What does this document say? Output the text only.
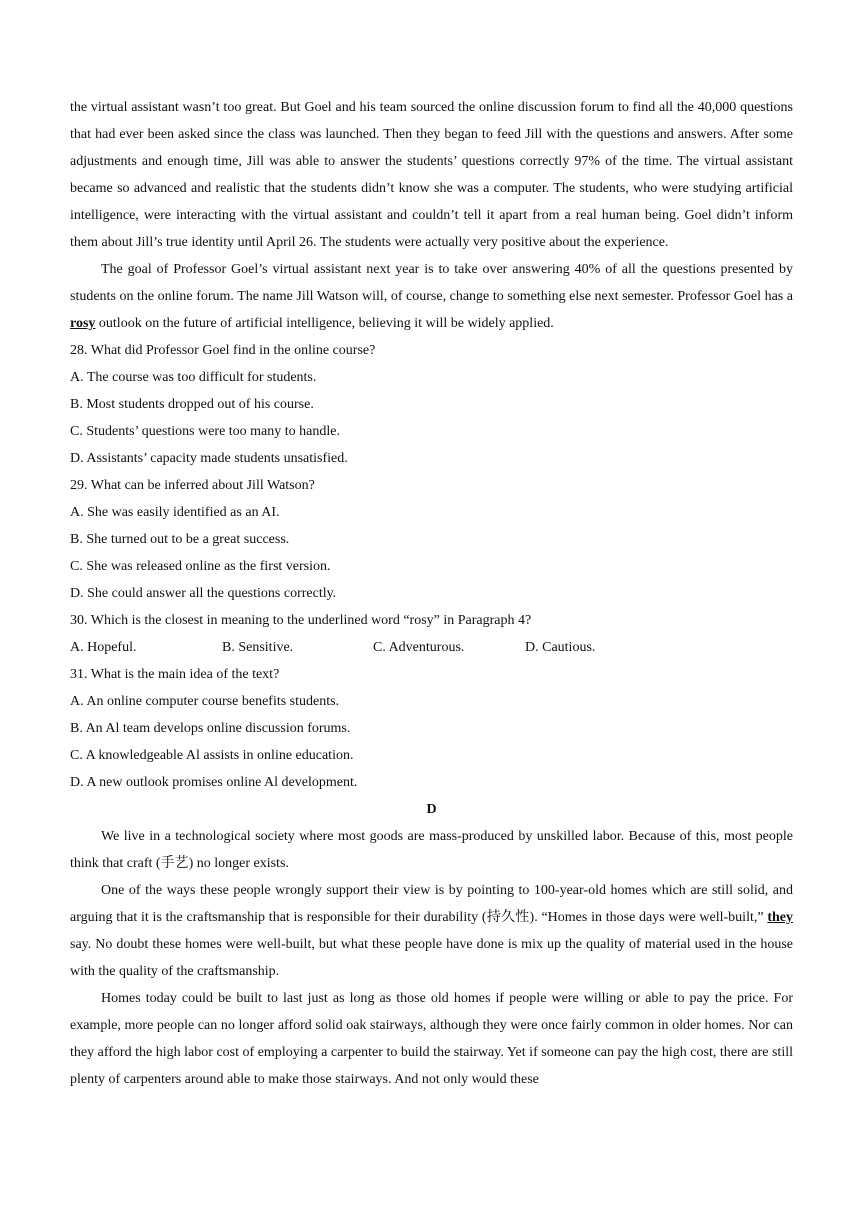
the virtual assistant wasn’t too great. But Goel and his team sourced the online discussion forum to find all the 40,000 questions that had ever been asked since the class was launched. Then they began to feed Jill with the questions and answers. After some adjustments and enough time, Jill was able to answer the students’ questions correctly 97% of the time. The virtual assistant became so advanced and realistic that the students didn’t know she was a computer. The students, who were studying artificial intelligence, were interacting with the virtual assistant and couldn’t tell it apart from a real human being. Goel didn’t inform them about Jill’s true identity until April 26. The students were actually very positive about the experience.

The goal of Professor Goel’s virtual assistant next year is to take over answering 40% of all the questions presented by students on the online forum. The name Jill Watson will, of course, change to something else next semester. Professor Goel has a rosy outlook on the future of artificial intelligence, believing it will be widely applied.

28. What did Professor Goel find in the online course?

A. The course was too difficult for students.

B. Most students dropped out of his course.

C. Students’ questions were too many to handle.

D. Assistants’ capacity made students unsatisfied.

29. What can be inferred about Jill Watson?

A. She was easily identified as an AI.

B. She turned out to be a great success.

C. She was released online as the first version.

D. She could answer all the questions correctly.

30. Which is the closest in meaning to the underlined word “rosy” in Paragraph 4?

A. Hopeful.	B. Sensitive.	C. Adventurous.	D. Cautious.

31. What is the main idea of the text?

A. An online computer course benefits students.

B. An Al team develops online discussion forums.

C. A knowledgeable Al assists in online education.

D. A new outlook promises online Al development.

D

We live in a technological society where most goods are mass-produced by unskilled labor. Because of this, most people think that craft (手艺) no longer exists.

One of the ways these people wrongly support their view is by pointing to 100-year-old homes which are still solid, and arguing that it is the craftsmanship that is responsible for their durability (持久性). “Homes in those days were well-built,” they say. No doubt these homes were well-built, but what these people have done is mix up the quality of material used in the house with the quality of the craftsmanship.

Homes today could be built to last just as long as those old homes if people were willing or able to pay the price. For example, more people can no longer afford solid oak stairways, although they were once fairly common in older homes. Nor can they afford the high labor cost of employing a carpenter to build the stairway. Yet if someone can pay the high cost, there are still plenty of carpenters around able to make those stairways. And not only would these
